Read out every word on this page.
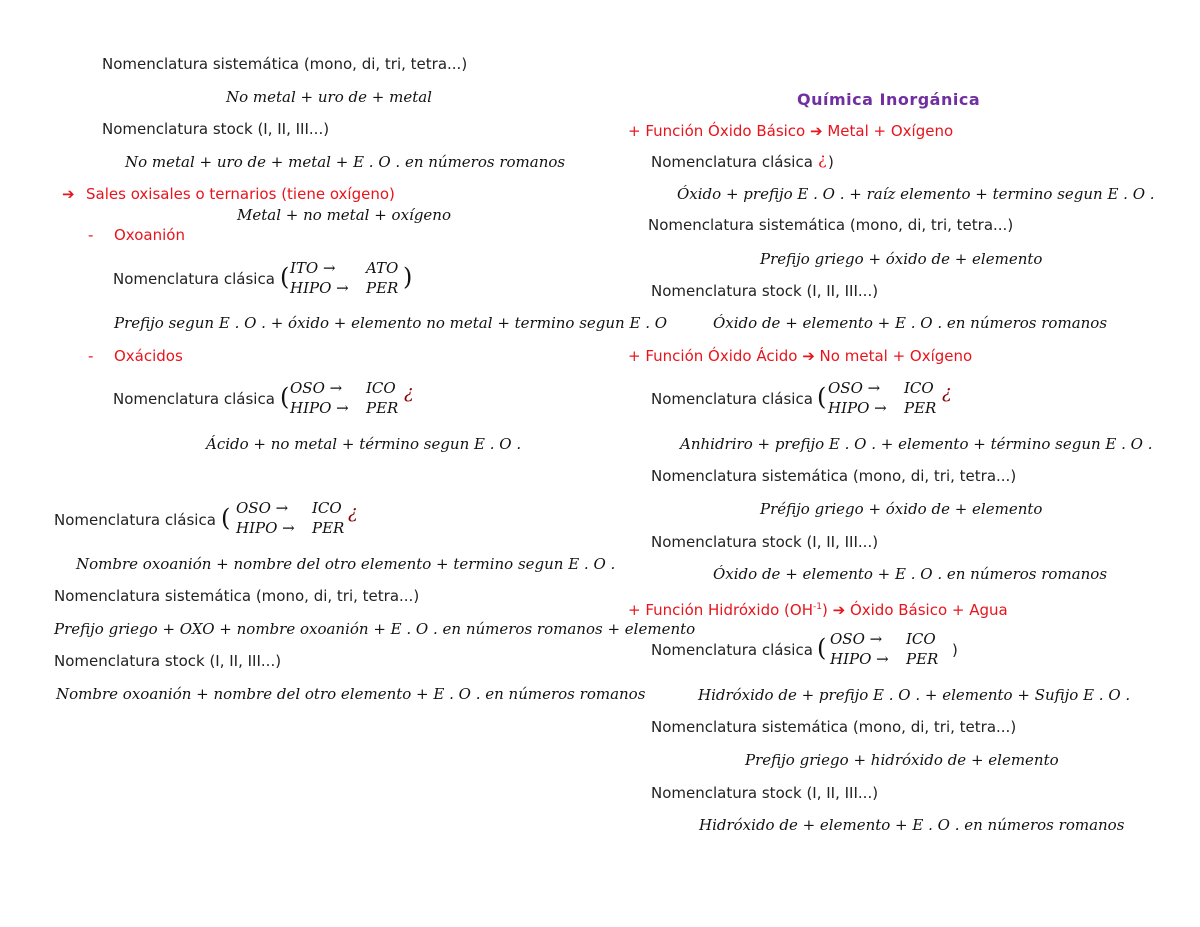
Nomenclatura sistemática (mono, di, tri, tetra...)
No metal + uro de + metal
Nomenclatura stock (I, II, III...)
No metal + uro de + metal + E . O . en números romanos
➔ Sales oxisales o ternarios (tiene oxígeno)
Metal + no metal + oxígeno
- Oxoanión
Nomenclatura clásica ( ITO → ATO
HIPO → PER )
Prefijo segun E . O . + óxido + elemento no metal + termino segun E . O
- Oxácidos
Nomenclatura clásica ( OSO → ICO
HIPO → PER
¿
Ácido + no metal + término segun E . O .
Nomenclatura clásica ( OSO → ICO
HIPO → PER
¿
Nombre oxoanión + nombre del otro elemento + termino segun E . O .
Nomenclatura sistemática (mono, di, tri, tetra...)
Prefijo griego + OXO + nombre oxoanión + E . O . en números romanos + elemento
Nomenclatura stock (I, II, III...)
Nombre oxoanión + nombre del otro elemento + E . O . en números romanos
Química Inorgánica
+ Función Óxido Básico ➔ Metal + Oxígeno
Nomenclatura clásica ¿ )
Óxido + prefijo E . O . + raíz elemento + termino segun E . O .
Nomenclatura sistemática (mono, di, tri, tetra...)
Prefijo griego + óxido de + elemento
Nomenclatura stock (I, II, III...)
Óxido de + elemento + E . O . en números romanos
+ Función Óxido Ácido ➔ No metal + Oxígeno
Nomenclatura clásica ( OSO → ICO
HIPO → PER
¿
Anhidriro + prefijo E . O . + elemento + término segun E . O .
Nomenclatura sistemática (mono, di, tri, tetra...)
Préfijo griego + óxido de + elemento
Nomenclatura stock (I, II, III...)
Óxido de + elemento + E . O . en números romanos
+ Función Hidróxido $(OH^{-1})$ ➔ Óxido Básico + Agua
Nomenclatura clásica ( OSO → ICO
HIPO → PER )
Hidróxido de + prefijo E . O . + elemento + Sufijo E . O .
Nomenclatura sistemática (mono, di, tri, tetra...)
Prefijo griego + hidróxido de + elemento
Nomenclatura stock (I, II, III...)
Hidróxido de + elemento + E . O . en números romanos
